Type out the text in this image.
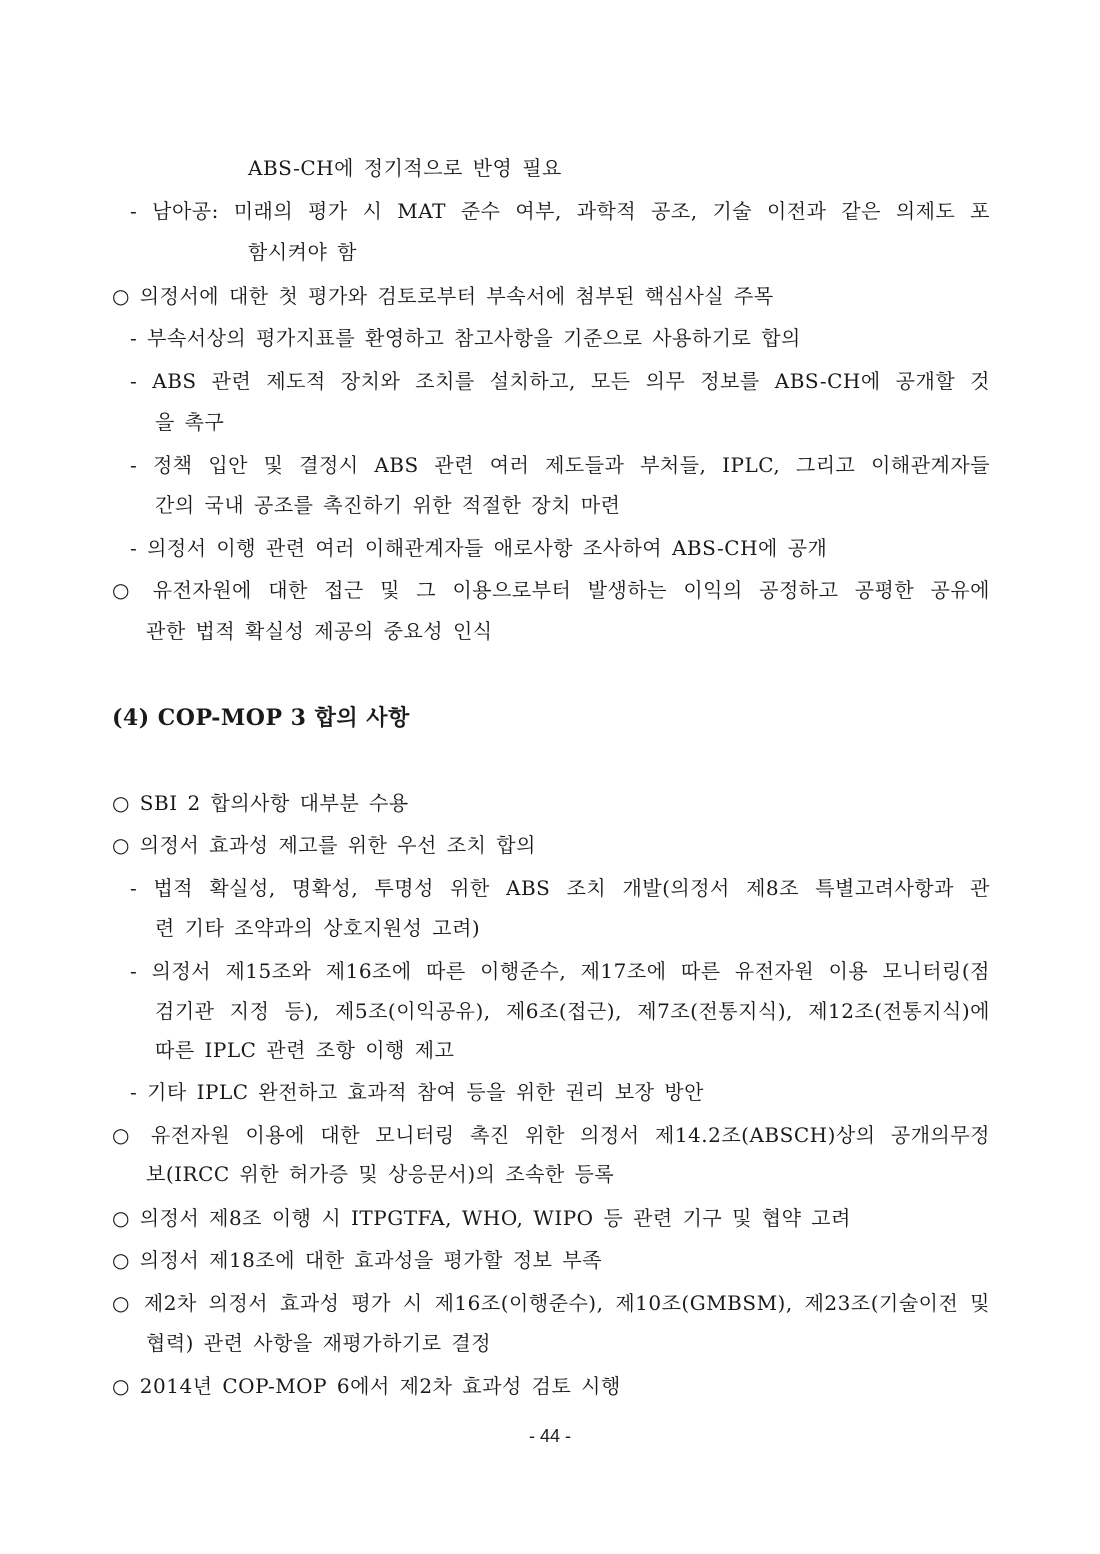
ABS-CH에 정기적으로 반영 필요
- 남아공: 미래의 평가 시 MAT 준수 여부, 과학적 공조, 기술 이전과 같은 의제도 포
함시켜야 함
○ 의정서에 대한 첫 평가와 검토로부터 부속서에 첨부된 핵심사실 주목
- 부속서상의 평가지표를 환영하고 참고사항을 기준으로 사용하기로 합의
- ABS 관련 제도적 장치와 조치를 설치하고, 모든 의무 정보를 ABS-CH에 공개할 것
을 촉구
- 정책 입안 및 결정시 ABS 관련 여러 제도들과 부처들, IPLC, 그리고 이해관계자들
간의 국내 공조를 촉진하기 위한 적절한 장치 마련
- 의정서 이행 관련 여러 이해관계자들 애로사항 조사하여 ABS-CH에 공개
○ 유전자원에 대한 접근 및 그 이용으로부터 발생하는 이익의 공정하고 공평한 공유에
관한 법적 확실성 제공의 중요성 인식
(4) COP-MOP 3 합의 사항
○ SBI 2 합의사항 대부분 수용
○ 의정서 효과성 제고를 위한 우선 조치 합의
- 법적 확실성, 명확성, 투명성 위한 ABS 조치 개발(의정서 제8조 특별고려사항과 관
련 기타 조약과의 상호지원성 고려)
- 의정서 제15조와 제16조에 따른 이행준수, 제17조에 따른 유전자원 이용 모니터링(점
검기관 지정 등), 제5조(이익공유), 제6조(접근), 제7조(전통지식), 제12조(전통지식)에
따른 IPLC 관련 조항 이행 제고
- 기타 IPLC 완전하고 효과적 참여 등을 위한 권리 보장 방안
○ 유전자원 이용에 대한 모니터링 촉진 위한 의정서 제14.2조(ABSCH)상의 공개의무정
보(IRCC 위한 허가증 및 상응문서)의 조속한 등록
○ 의정서 제8조 이행 시 ITPGTFA, WHO, WIPO 등 관련 기구 및 협약 고려
○ 의정서 제18조에 대한 효과성을 평가할 정보 부족
○ 제2차 의정서 효과성 평가 시 제16조(이행준수), 제10조(GMBSM), 제23조(기술이전 및
협력) 관련 사항을 재평가하기로 결정
○ 2014년 COP-MOP 6에서 제2차 효과성 검토 시행
- 44 -
